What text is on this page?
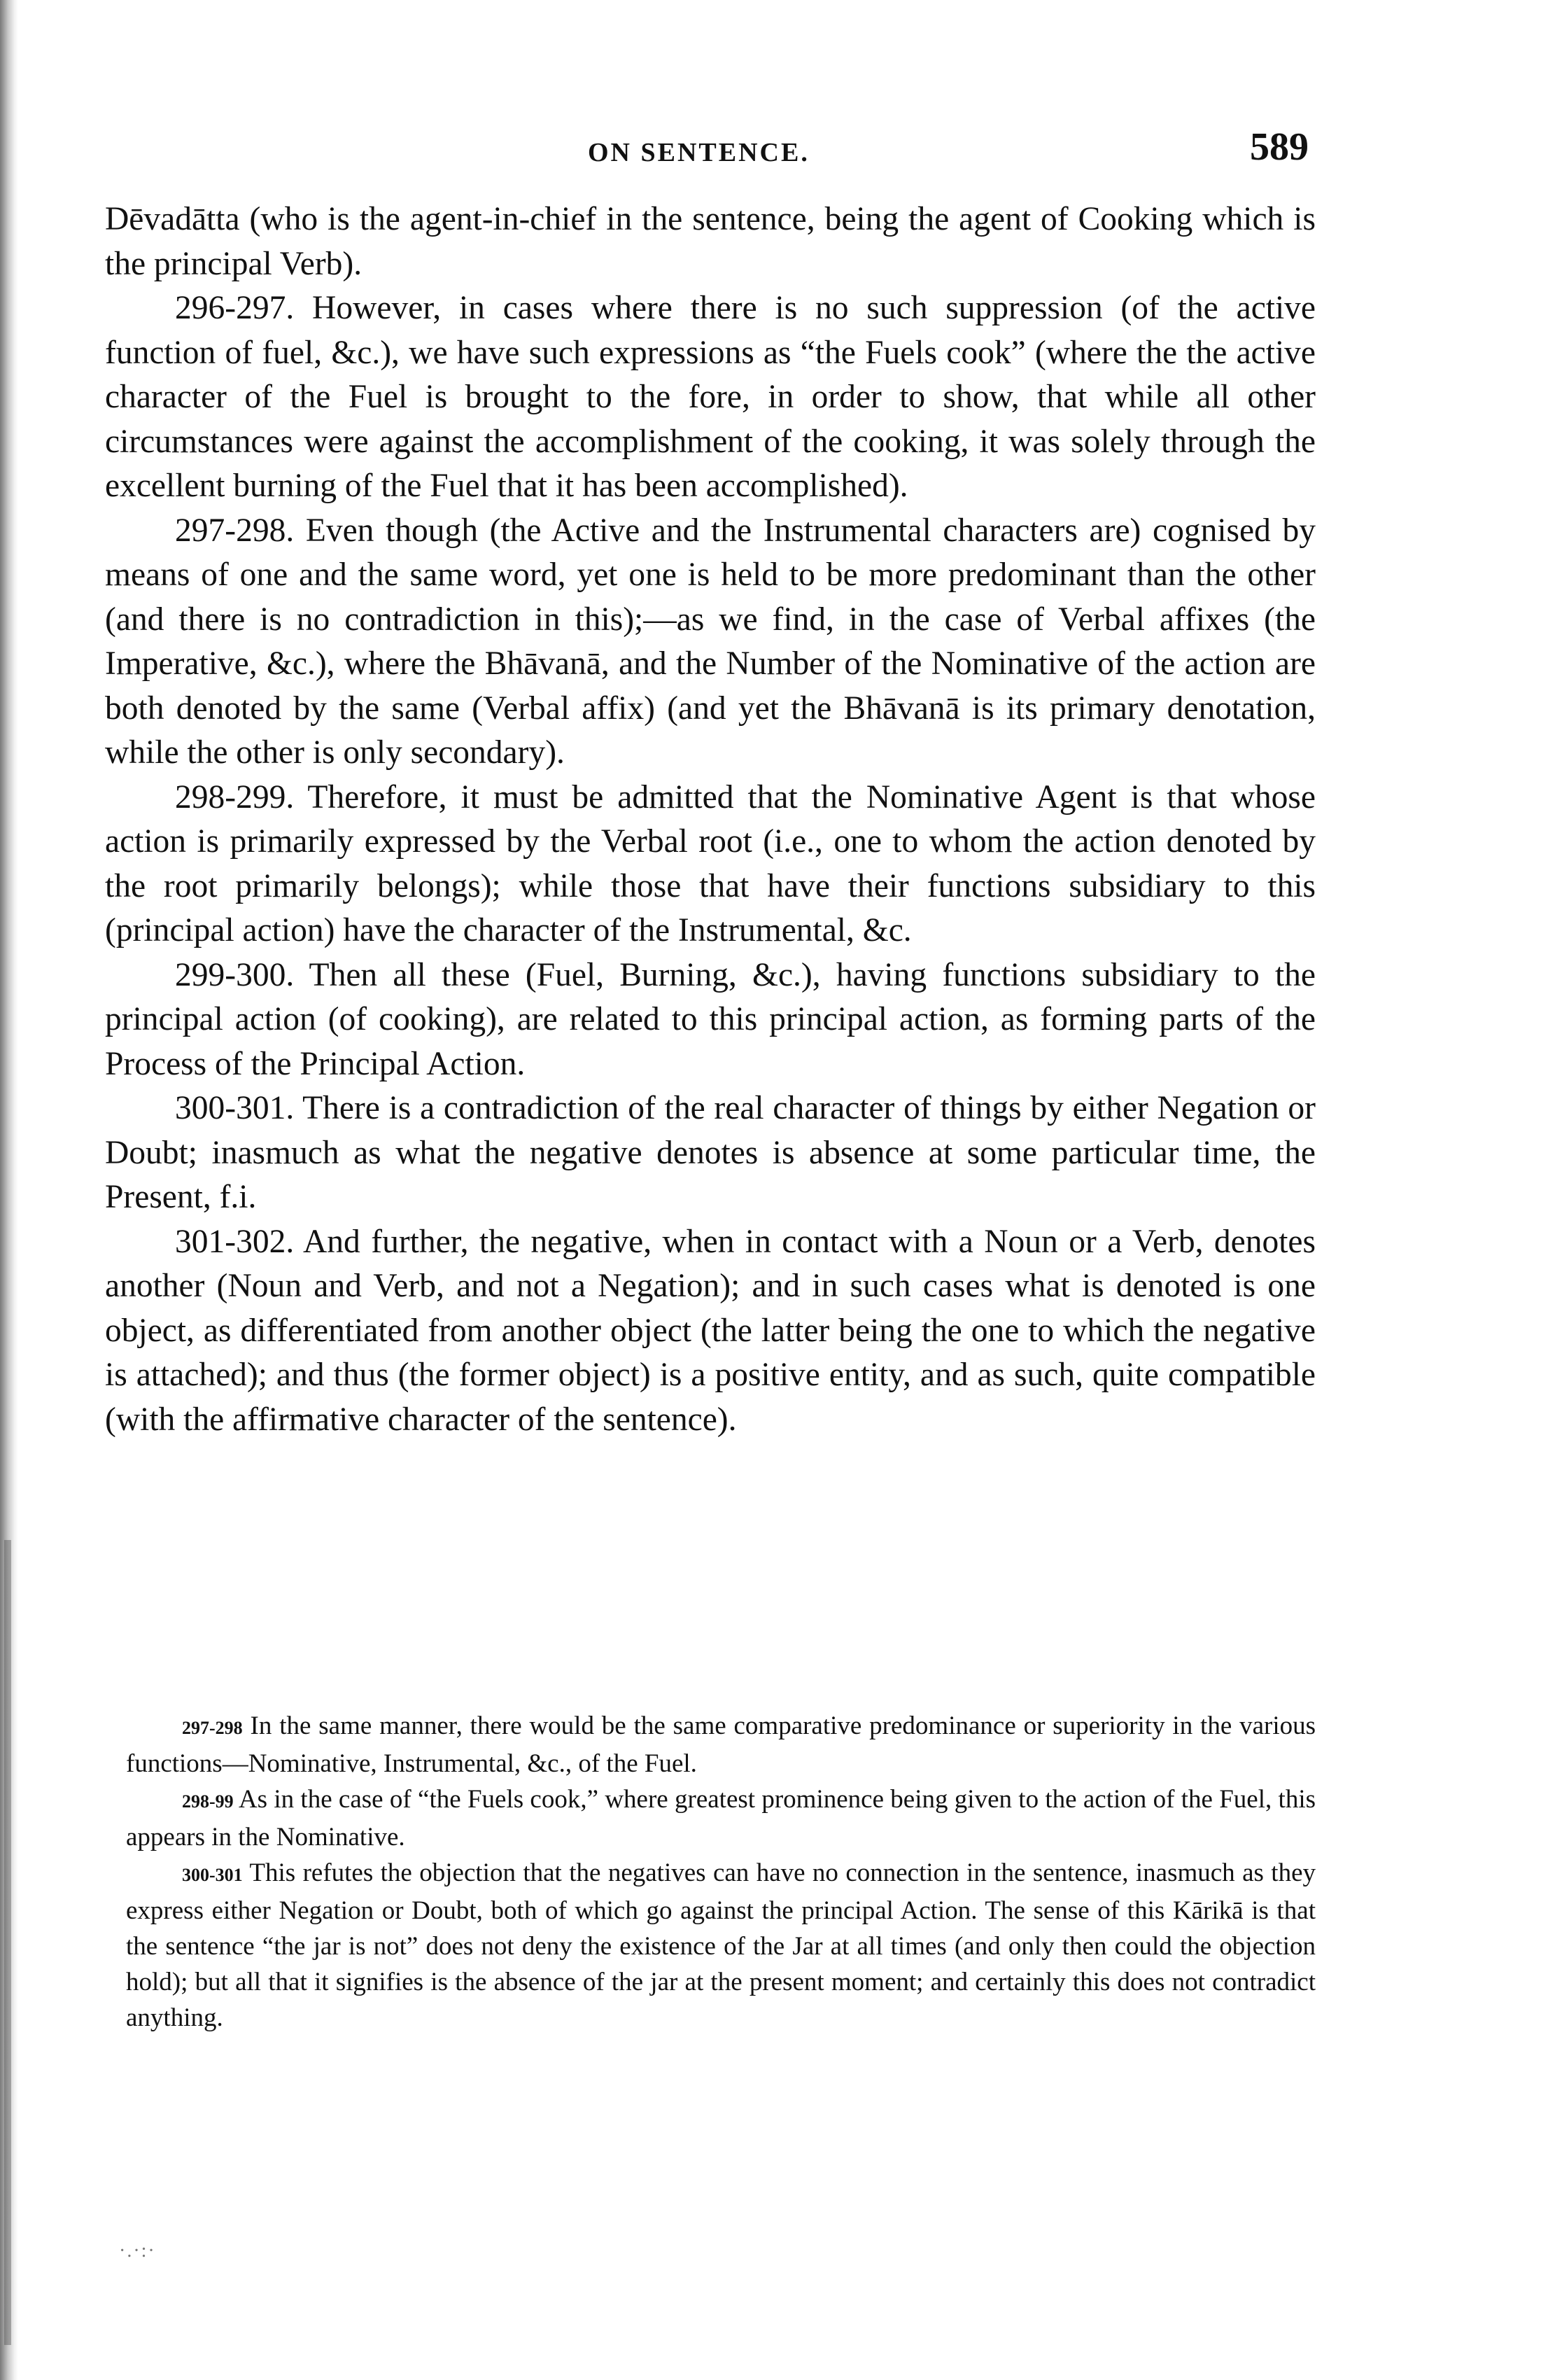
ON SENTENCE.	589

Dēvadātta (who is the agent-in-chief in the sentence, being the agent of Cooking which is the principal Verb).

296-297. However, in cases where there is no such suppression (of the active function of fuel, &c.), we have such expressions as “the Fuels cook” (where the the active character of the Fuel is brought to the fore, in order to show, that while all other circumstances were against the accomplishment of the cooking, it was solely through the excellent burning of the Fuel that it has been accomplished).

297-298. Even though (the Active and the Instrumental characters are) cognised by means of one and the same word, yet one is held to be more predominant than the other (and there is no contradiction in this);—as we find, in the case of Verbal affixes (the Imperative, &c.), where the Bhāvanā, and the Number of the Nominative of the action are both denoted by the same (Verbal affix) (and yet the Bhāvanā is its primary denotation, while the other is only secondary).

298-299. Therefore, it must be admitted that the Nominative Agent is that whose action is primarily expressed by the Verbal root (i.e., one to whom the action denoted by the root primarily belongs); while those that have their functions subsidiary to this (principal action) have the character of the Instrumental, &c.

299-300. Then all these (Fuel, Burning, &c.), having functions subsidiary to the principal action (of cooking), are related to this principal action, as forming parts of the Process of the Principal Action.

300-301. There is a contradiction of the real character of things by either Negation or Doubt; inasmuch as what the negative denotes is absence at some particular time, the Present, f.i.

301-302. And further, the negative, when in contact with a Noun or a Verb, denotes another (Noun and Verb, and not a Negation); and in such cases what is denoted is one object, as differentiated from another object (the latter being the one to which the negative is attached); and thus (the former object) is a positive entity, and as such, quite compatible (with the affirmative character of the sentence).

297-298 In the same manner, there would be the same comparative predominance or superiority in the various functions—Nominative, Instrumental, &c., of the Fuel.

298-99 As in the case of “the Fuels cook,” where greatest prominence being given to the action of the Fuel, this appears in the Nominative.

300-301 This refutes the objection that the negatives can have no connection in the sentence, inasmuch as they express either Negation or Doubt, both of which go against the principal Action. The sense of this Kārikā is that the sentence “the jar is not” does not deny the existence of the Jar at all times (and only then could the objection hold); but all that it signifies is the absence of the jar at the present moment; and certainly this does not contradict anything.

·.·:·
